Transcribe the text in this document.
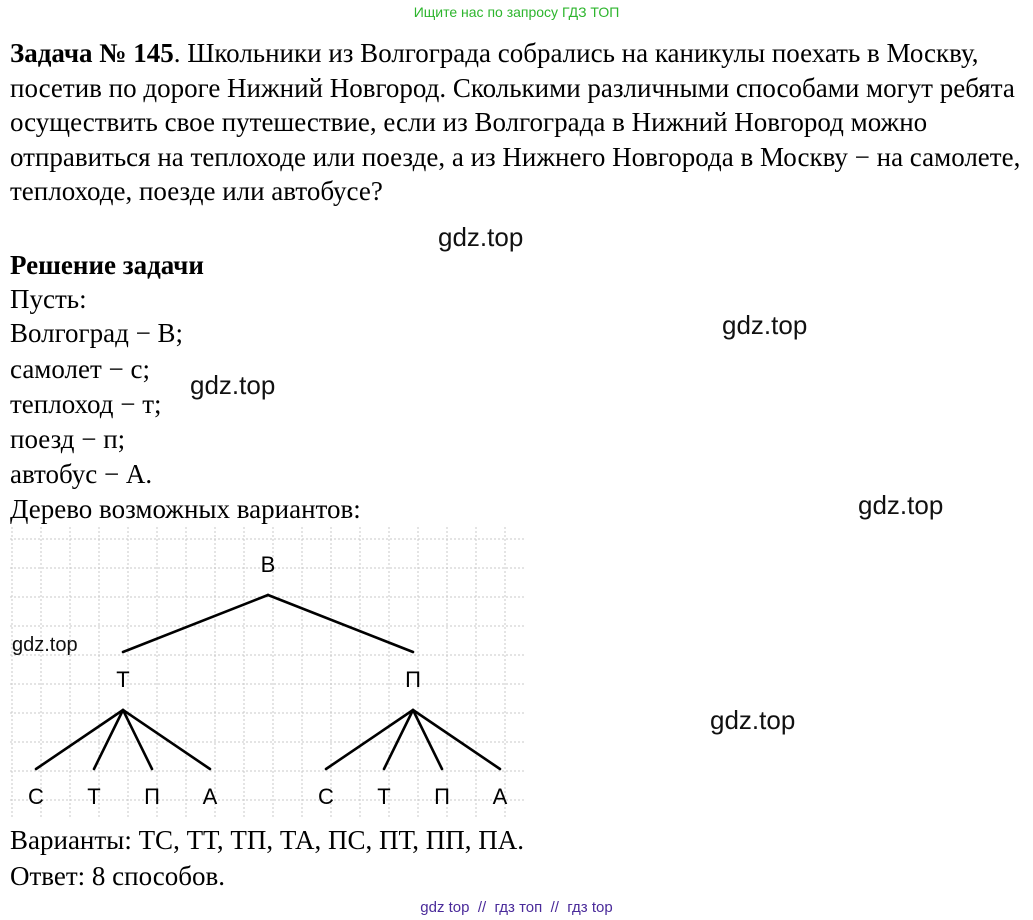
Ищите нас по запросу ГДЗ ТОП

Задача № 145. Школьники из Волгограда собрались на каникулы поехать в Москву, посетив по дороге Нижний Новгород. Сколькими различными способами могут ребята осуществить свое путешествие, если из Волгограда в Нижний Новгород можно отправиться на теплоходе или поезде, а из Нижнего Новгорода в Москву − на самолете, теплоходе, поезде или автобусе?

Решение задачи
Пусть:
Волгоград − В;
самолет − с;
теплоход − т;
поезд − п;
автобус − А.
Дерево возможных вариантов:
В
Т	П
С Т П А	С Т П А
Варианты: ТС, ТТ, ТП, ТА, ПС, ПТ, ПП, ПА.
Ответ: 8 способов.
gdz.top
gdz.top
gdz.top
gdz.top
gdz.top
gdz.top
gdz top  //  гдз топ  //  гдз top
